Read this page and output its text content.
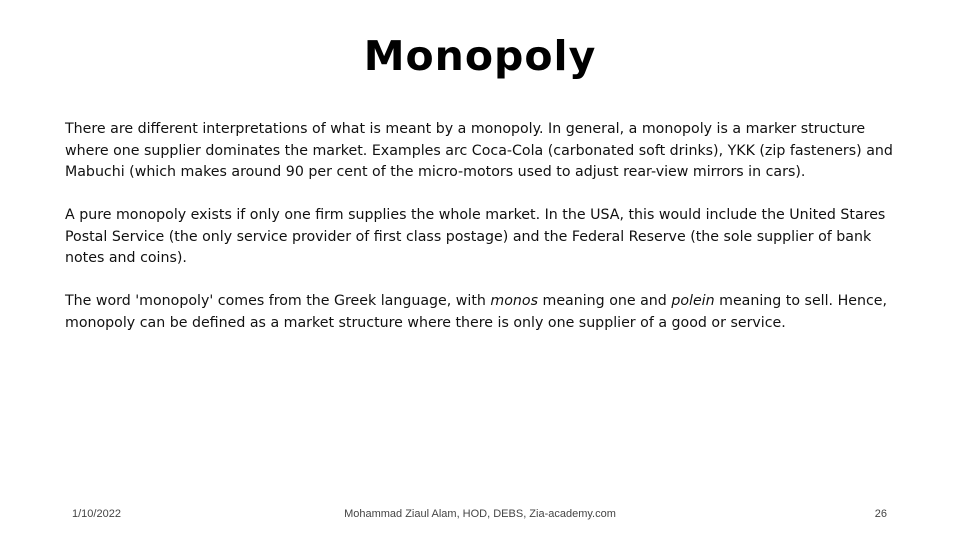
Monopoly

There are different interpretations of what is meant by a monopoly. In general, a monopoly is a marker structure where one supplier dominates the market. Examples arc Coca-Cola (carbonated soft drinks), YKK (zip fasteners) and Mabuchi (which makes around 90 per cent of the micro-motors used to adjust rear-view mirrors in cars).

A pure monopoly exists if only one firm supplies the whole market. In the USA, this would include the United Stares Postal Service (the only service provider of first class postage) and the Federal Reserve (the sole supplier of bank notes and coins).

The word 'monopoly' comes from the Greek language, with monos meaning one and polein meaning to sell. Hence, monopoly can be defined as a market structure where there is only one supplier of a good or service.

1/10/2022	Mohammad Ziaul Alam, HOD, DEBS, Zia-academy.com	26
